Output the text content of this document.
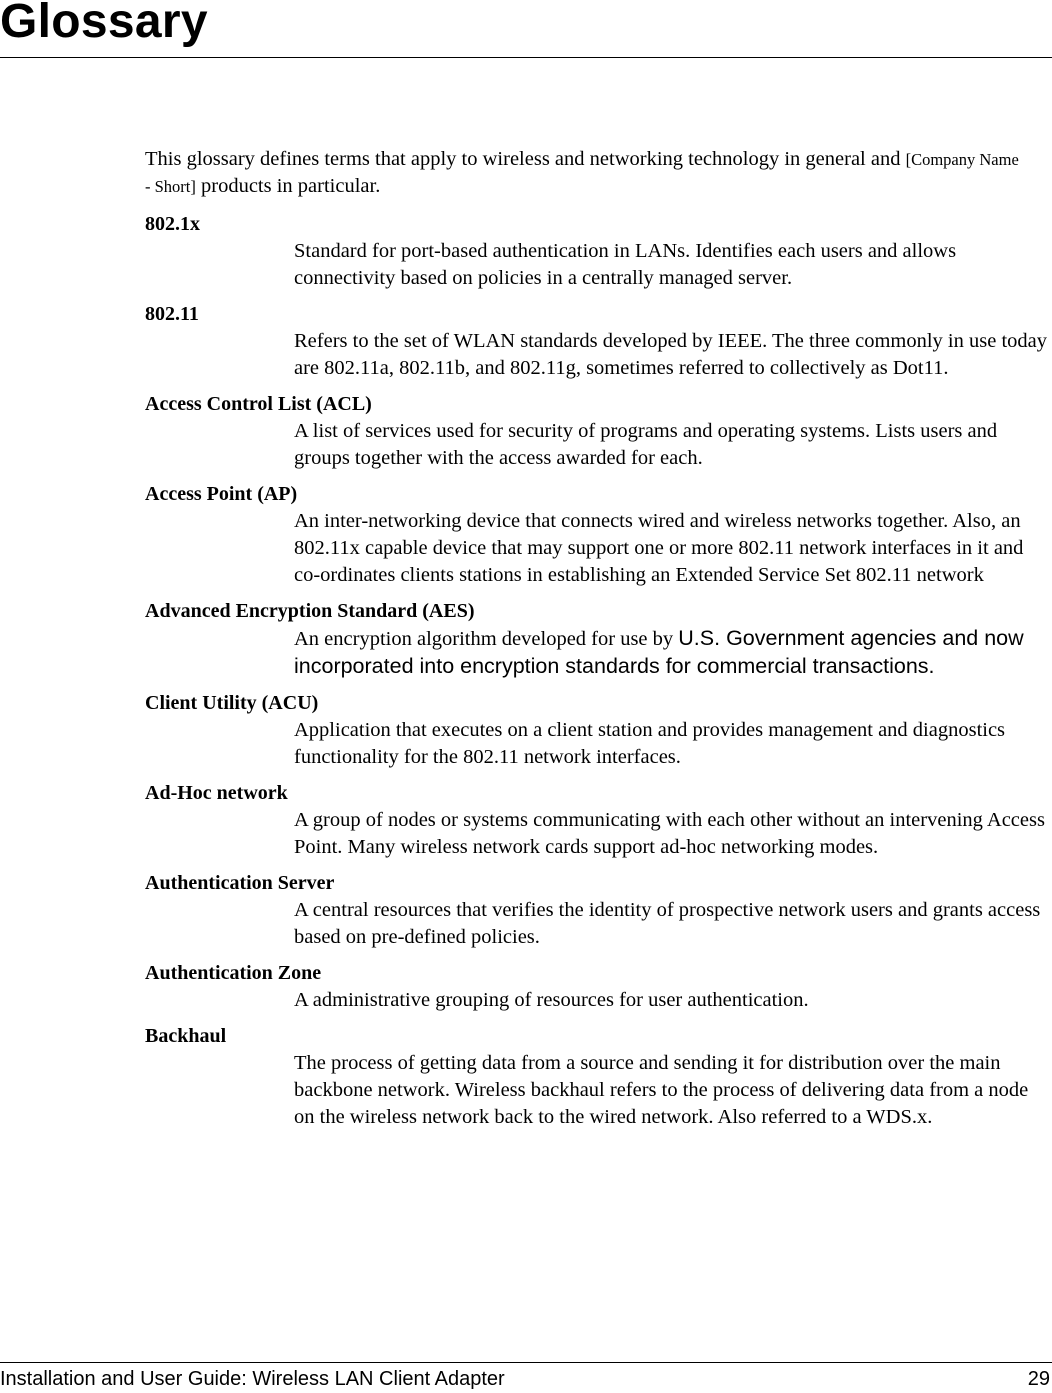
Glossary

This glossary defines terms that apply to wireless and networking technology in general and [Company Name - Short] products in particular.

802.1x
Standard for port-based authentication in LANs. Identifies each users and allows connectivity based on policies in a centrally managed server.
802.11
Refers to the set of WLAN standards developed by IEEE. The three commonly in use today are 802.11a, 802.11b, and 802.11g, sometimes referred to collectively as Dot11.
Access Control List (ACL)
A list of services used for security of programs and operating systems. Lists users and groups together with the access awarded for each.
Access Point (AP)
An inter-networking device that connects wired and wireless networks together. Also, an 802.11x capable device that may support one or more 802.11 network interfaces in it and co-ordinates clients stations in establishing an Extended Service Set 802.11 network
Advanced Encryption Standard (AES)
An encryption algorithm developed for use by U.S. Government agencies and now incorporated into encryption standards for commercial transactions.
Client Utility (ACU)
Application that executes on a client station and provides management and diagnostics functionality for the 802.11 network interfaces.
Ad-Hoc network
A group of nodes or systems communicating with each other without an intervening Access Point. Many wireless network cards support ad-hoc networking modes.
Authentication Server
A central resources that verifies the identity of prospective network users and grants access based on pre-defined policies.
Authentication Zone
A administrative grouping of resources for user authentication.
Backhaul
The process of getting data from a source and sending it for distribution over the main backbone network. Wireless backhaul refers to the process of delivering data from a node on the wireless network back to the wired network. Also referred to a WDS.x.
Installation and User Guide: Wireless LAN Client Adapter	29
